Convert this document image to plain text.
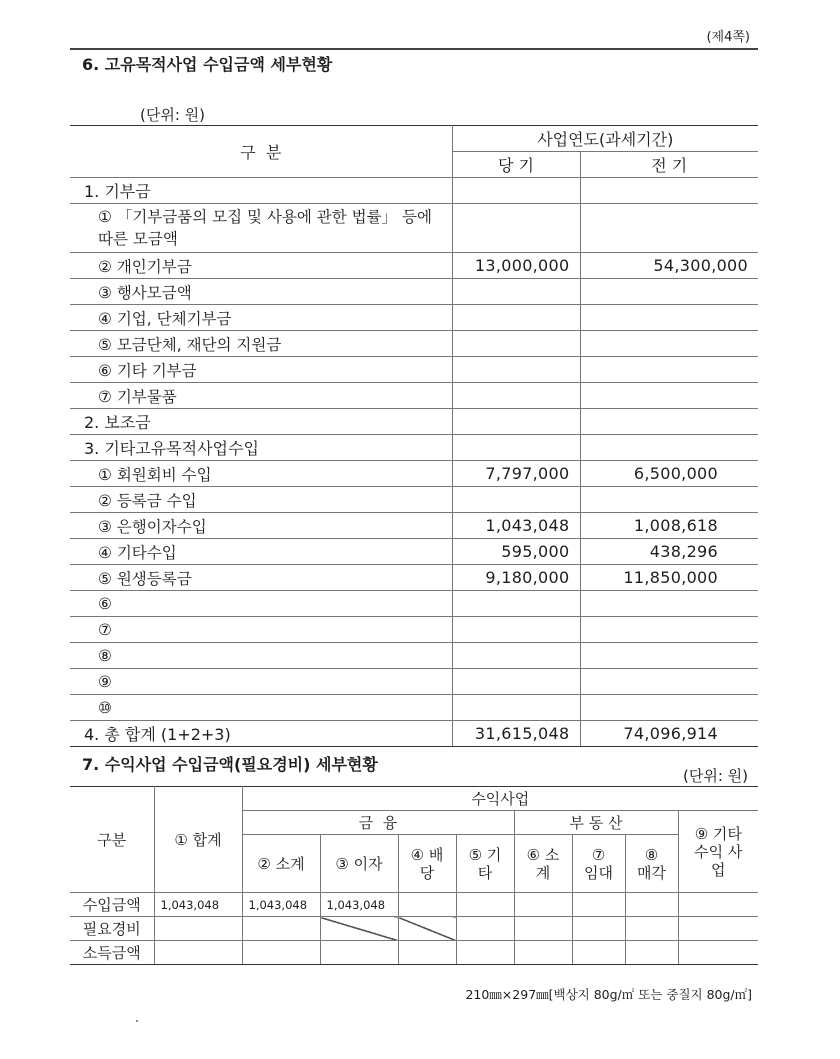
(제4쪽)
6. 고유목적사업 수입금액 세부현황
(단위: 원)
구  분	사업연도(과세기간)	
	당 기	전 기
1. 기부금		
① 「기부금품의 모집 및 사용에 관한 법률」 등에 따른 모금액		
② 개인기부금	13,000,000	54,300,000
③ 행사모금액		
④ 기업, 단체기부금		
⑤ 모금단체, 재단의 지원금		
⑥ 기타 기부금		
⑦ 기부물품		
2. 보조금		
3. 기타고유목적사업수입		
① 회원회비 수입	7,797,000	6,500,000
② 등록금 수입		
③ 은행이자수입	1,043,048	1,008,618
④ 기타수입	595,000	438,296
⑤ 원생등록금	9,180,000	11,850,000
⑥		
⑦		
⑧		
⑨		
⑩		
4. 총 합계 (1+2+3)	31,615,048	74,096,914
7. 수익사업 수입금액(필요경비) 세부현황
(단위: 원)
구분	① 합계	수익사업							
		금  융				부 동 산			⑨ 기타 수익 사업
		② 소계	③ 이자	④ 배당	⑤ 기타	⑥ 소계	⑦ 임대	⑧ 매각	
수입금액	1,043,048	1,043,048	1,043,048						
필요경비									
소득금액									
210㎜×297㎜[백상지 80g/㎡ 또는 중질지 80g/㎡]
